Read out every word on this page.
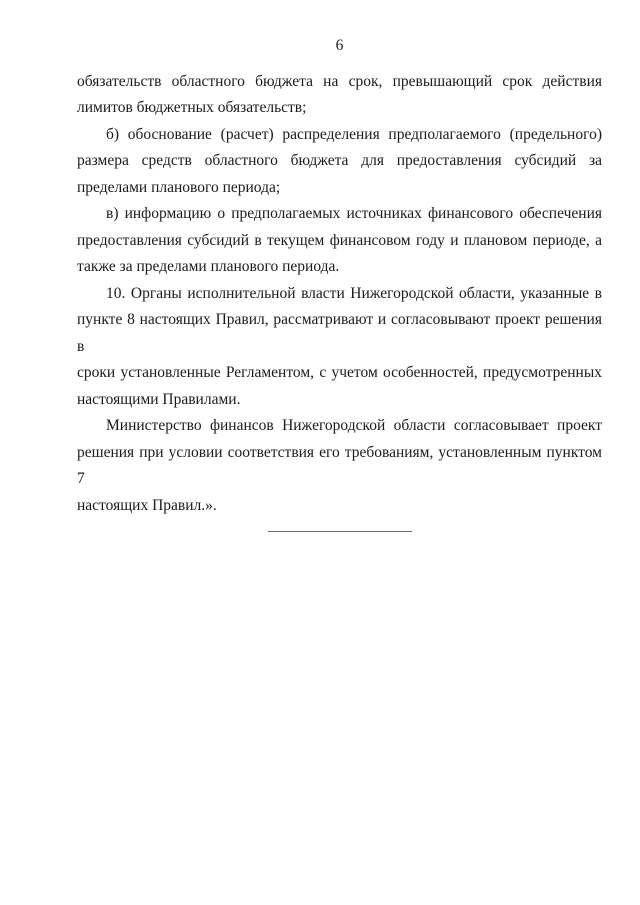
6
обязательств областного бюджета на срок, превышающий срок действия
лимитов бюджетных обязательств;
б) обоснование (расчет) распределения предполагаемого (предельного)
размера средств областного бюджета для предоставления субсидий за
пределами планового периода;
в) информацию о предполагаемых источниках финансового обеспечения
предоставления субсидий в текущем финансовом году и плановом периоде, а
также за пределами планового периода.
10. Органы исполнительной власти Нижегородской области, указанные в
пункте 8 настоящих Правил, рассматривают и согласовывают проект решения в
сроки установленные Регламентом, с учетом особенностей, предусмотренных
настоящими Правилами.
Министерство финансов Нижегородской области согласовывает проект
решения при условии соответствия его требованиям, установленным пунктом 7
настоящих Правил.».
